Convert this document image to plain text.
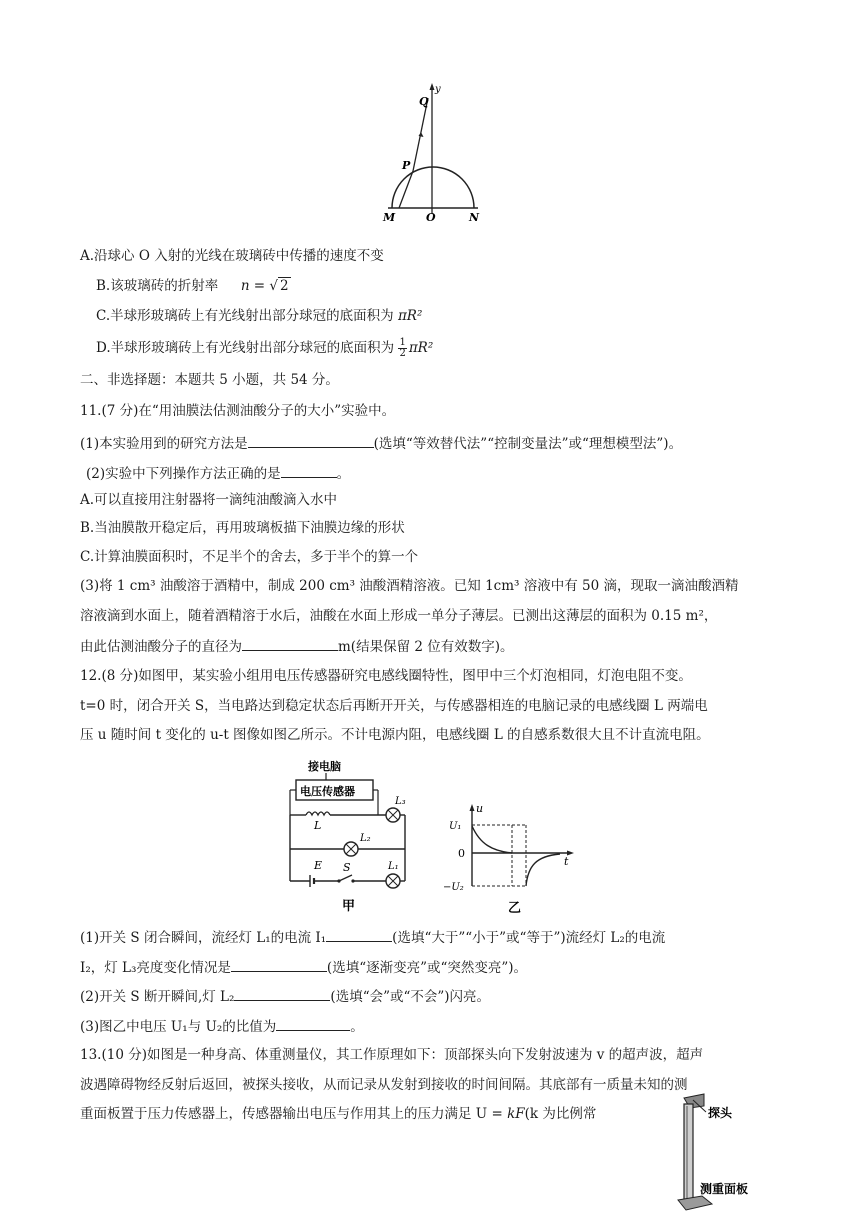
y
Q
P
M	O	N
A.沿球心 O 入射的光线在玻璃砖中传播的速度不变
B.该玻璃砖的折射率 n = √ 2
C.半球形玻璃砖上有光线射出部分球冠的底面积为 πR²
D.半球形玻璃砖上有光线射出部分球冠的底面积为 $\frac{1}{2} \pi R^2$
二、非选择题：本题共 5 小题，共 54 分。
11.(7 分)在“用油膜法估测油酸分子的大小”实验中。
(1)本实验用到的研究方法是	(选填“等效替代法”“控制变量法”或“理想模型法”)。
(2)实验中下列操作方法正确的是	。
A.可以直接用注射器将一滴纯油酸滴入水中
B.当油膜散开稳定后，再用玻璃板描下油膜边缘的形状
C.计算油膜面积时，不足半个的舍去，多于半个的算一个
(3)将 1 cm³ 油酸溶于酒精中，制成 200 cm³ 油酸酒精溶液。已知 1cm³ 溶液中有 50 滴，现取一滴油酸酒精
溶液滴到水面上，随着酒精溶于水后，油酸在水面上形成一单分子薄层。已测出这薄层的面积为 0.15 m²，
由此估测油酸分子的直径为	m(结果保留 2 位有效数字)。
12.(8 分)如图甲，某实验小组用电压传感器研究电感线圈特性，图甲中三个灯泡相同，灯泡电阻不变。
t=0 时，闭合开关 S，当电路达到稳定状态后再断开开关，与传感器相连的电脑记录的电感线圈 L 两端电
压 u 随时间 t 变化的 u-t 图像如图乙所示。不计电源内阻，电感线圈 L 的自感系数很大且不计直流电阻。
接电脑
电压传感器
L₃
L
L₂
E S	L₁
甲
u
t
U₁
0
−U₂
乙
(1)开关 S 闭合瞬间，流经灯 L₁的电流 I₁	(选填“大于”“小于”或“等于”)流经灯 L₂的电流
I₂，灯 L₃亮度变化情况是	(选填“逐渐变亮”或“突然变亮”)。
(2)开关 S 断开瞬间,灯 L₂	(选填“会”或“不会”)闪亮。
(3)图乙中电压 U₁与 U₂的比值为	。
13.(10 分)如图是一种身高、体重测量仪，其工作原理如下：顶部探头向下发射波速为 v 的超声波，超声
波遇障碍物经反射后返回，被探头接收，从而记录从发射到接收的时间间隔。其底部有一质量未知的测
重面板置于压力传感器上，传感器输出电压与作用其上的压力满足 U = kF(k 为比例常	探头
测重面板
